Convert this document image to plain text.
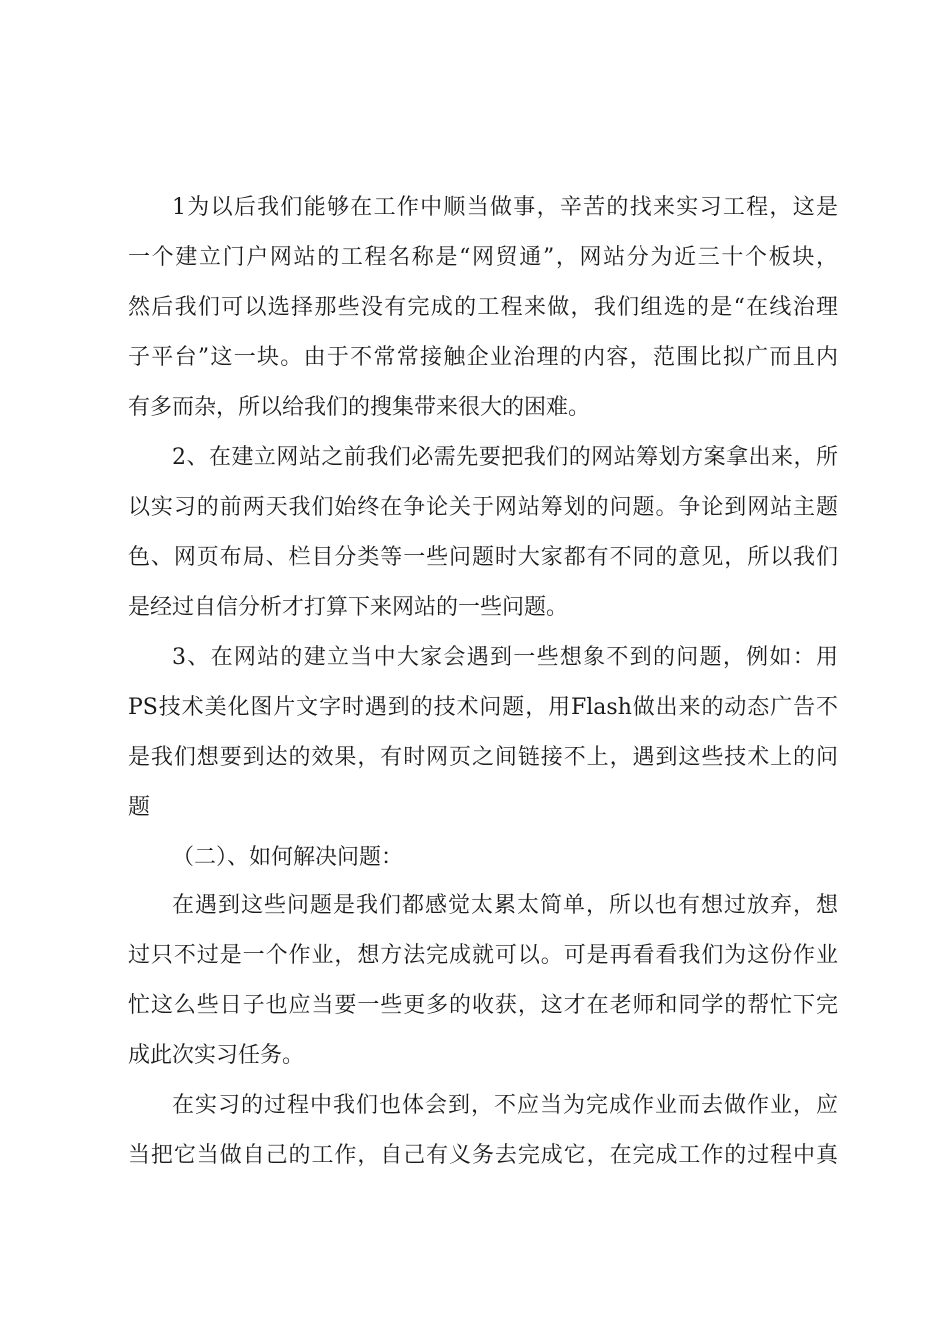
1为以后我们能够在工作中顺当做事，辛苦的找来实习工程，这是
一个建立门户网站的工程名称是“网贸通”，网站分为近三十个板块，
然后我们可以选择那些没有完成的工程来做，我们组选的是“在线治理
子平台”这一块。由于不常常接触企业治理的内容，范围比拟广而且内
有多而杂，所以给我们的搜集带来很大的困难。
2、在建立网站之前我们必需先要把我们的网站筹划方案拿出来，所
以实习的前两天我们始终在争论关于网站筹划的问题。争论到网站主题
色、网页布局、栏目分类等一些问题时大家都有不同的意见，所以我们
是经过自信分析才打算下来网站的一些问题。
3、在网站的建立当中大家会遇到一些想象不到的问题，例如：用
PS技术美化图片文字时遇到的技术问题，用Flash做出来的动态广告不
是我们想要到达的效果，有时网页之间链接不上，遇到这些技术上的问
题
（二）、如何解决问题：
在遇到这些问题是我们都感觉太累太简单，所以也有想过放弃，想
过只不过是一个作业，想方法完成就可以。可是再看看我们为这份作业
忙这么些日子也应当要一些更多的收获，这才在老师和同学的帮忙下完
成此次实习任务。
在实习的过程中我们也体会到，不应当为完成作业而去做作业，应
当把它当做自己的工作，自己有义务去完成它，在完成工作的过程中真
